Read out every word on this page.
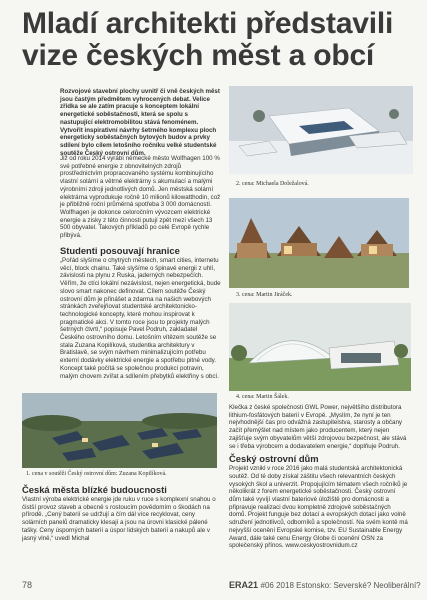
Mladí architekti představili vize českých měst a obcí
Rozvojové stavební plochy uvnitř či vně českých měst jsou častým předmětem vyhrocených debat. Velice zřídka se ale zatím pracuje s konceptem lokální energetické soběstačnosti, která se spolu s nastupující elektromobilitou stává fenoménem. Vytvořit inspirativní návrhy šetrného komplexu ploch energeticky soběstačných bytových budov a prvky sdílení bylo cílem letošního ročníku velké studentské soutěže Český ostrovní dům.

Již od roku 2014 vyrábí německé město Wolfhagen 100 % své potřebné energie z obnovitelných zdrojů prostřednictvím propracovaného systému kombinujícího vlastní solární a větrné elektrárny s akumulací a malými výrobními zdroji jednotlivých domů. Jen městská solární elektrárna vyprodukuje ročně 10 milionů kilowatthodin, což je přibližně roční průměrná spotřeba 3 000 domácností. Wolfhagen je dokonce celoročním vývozcem elektrické energie a zisky z této činnosti putují zpět mezi všech 13 500 obyvatel. Takových příkladů po celé Evropě rychle přibývá.

Studenti posouvají hranice

„Pořád slyšíme o chytrých městech, smart cities, internetu věcí, block chainu. Také slyšíme o špinavé energii z uhlí, závislosti na plynu z Ruska, jaderných nebezpečích. Věřím, že ctíci lokální nezávislost, nejen energetická, bude slovo smart nakonec definovat. Cílem soutěže Český ostrovní dům je přinášet a zdarma na našich webových stránkách zveřejňovat studentské architektonicko-technologické koncepty, které mohou inspirovat k pragmatické akci. V tomto roce jsou to projekty malých šetrných čtvrtí,“ popisuje Pavel Podruh, zakladatel Českého ostrovního domu. Letošním vítězem soutěže se stala Zuzana Kopilíková, studentka architektury v Bratislavě, se svým návrhem minimalizujícím potřebu externí dodávky elektrické energie a spotřebu pitné vody. Koncept také počítá se společnou produkcí potravin, malým chovem zvířat a sdílením přebytků elektřiny s obcí.

2. cena: Michaela Doležalová.
3. cena: Martin Jiráček.
4. cena: Martin Šálek.
1. cena v soutěži Český ostrovní dům: Zuzana Kopilíková.
Česká města blízké budoucnosti

Vlastní výroba elektrické energie jde ruku v ruce s komplexní snahou o čistší provoz staveb a obecně s rostoucím povědomím o škodách na přírodě. „Cený baterií se udržují a čím dál více recyklovat, ceny solárních panelů dramaticky klesají a jsou na úrovni klasické pálené tašky. Ceny úsporných baterií a úspor lidských baterií a nakupů ale v jasný vlně,“ uvedl Michal

Klečka z české společnosti GWL Power, největšího distributora lithium-fosfátových baterií v Evropě. „Myslím, že nyní je ten nejvhodnější čas pro odvážná zastupitelstva, starosty a občany začít přemýšlet nad místem jako producentem, který nejen zajišťuje svým obyvatelům větší zdrojovou bezpečnost, ale stává se i třeba výrobcem a dodavatelem energie,“ doplňuje Podruh.

Český ostrovní dům

Projekt vznikl v roce 2016 jako malá studentská architektonická soutěž. Od té doby získal záštitu všech relevantních českých vysokých škol a univerzit. Propojujícím tématem všech ročníků je několikrát z forem energetické soběstačnosti. Český ostrovní dům také vyvíjí vlastní bateriové úložiště pro domácnosti a připravuje realizaci dvou kompletně zdrojově soběstačných domů. Projekt funguje bez dotací a evropských dotací jako volně sdružení jednotlivců, odborníků a společností. Na svém kontě má nejvyšší ocenění Evropské komise, tzv. EU Sustainable Energy Award, dále také cenu Energy Globe či ocenění OSN za společenský přínos. www.ceskyostrovnidum.cz

78	ERA21 #06 2018 Estonsko: Severské? Neoliberální?
